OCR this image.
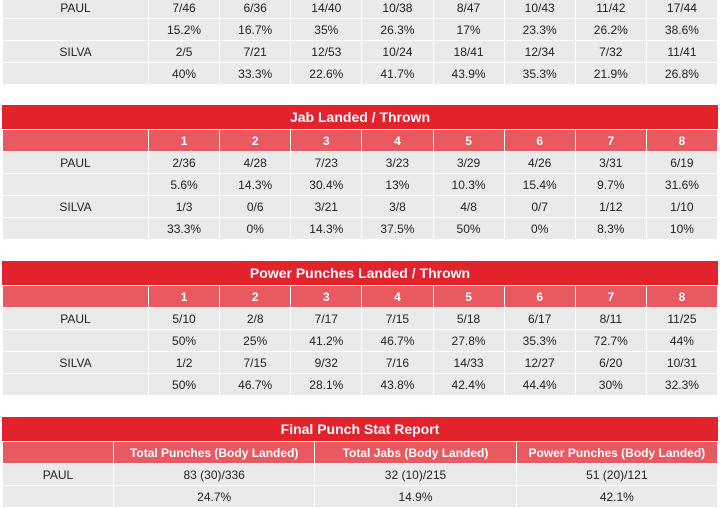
PAUL	7/46	6/36	14/40	10/38	8/47	10/43	11/42	17/44
	15.2%	16.7%	35%	26.3%	17%	23.3%	26.2%	38.6%
SILVA	2/5	7/21	12/53	10/24	18/41	12/34	7/32	11/41
	40%	33.3%	22.6%	41.7%	43.9%	35.3%	21.9%	26.8%
Jab Landed / Thrown
	1	2	3	4	5	6	7	8
PAUL	2/36	4/28	7/23	3/23	3/29	4/26	3/31	6/19
	5.6%	14.3%	30.4%	13%	10.3%	15.4%	9.7%	31.6%
SILVA	1/3	0/6	3/21	3/8	4/8	0/7	1/12	1/10
	33.3%	0%	14.3%	37.5%	50%	0%	8.3%	10%
Power Punches Landed / Thrown
	1	2	3	4	5	6	7	8
PAUL	5/10	2/8	7/17	7/15	5/18	6/17	8/11	11/25
	50%	25%	41.2%	46.7%	27.8%	35.3%	72.7%	44%
SILVA	1/2	7/15	9/32	7/16	14/33	12/27	6/20	10/31
	50%	46.7%	28.1%	43.8%	42.4%	44.4%	30%	32.3%
Final Punch Stat Report
	Total Punches (Body Landed)	Total Jabs (Body Landed)	Power Punches (Body Landed)
PAUL	83 (30)/336	32 (10)/215	51 (20)/121
	24.7%	14.9%	42.1%
